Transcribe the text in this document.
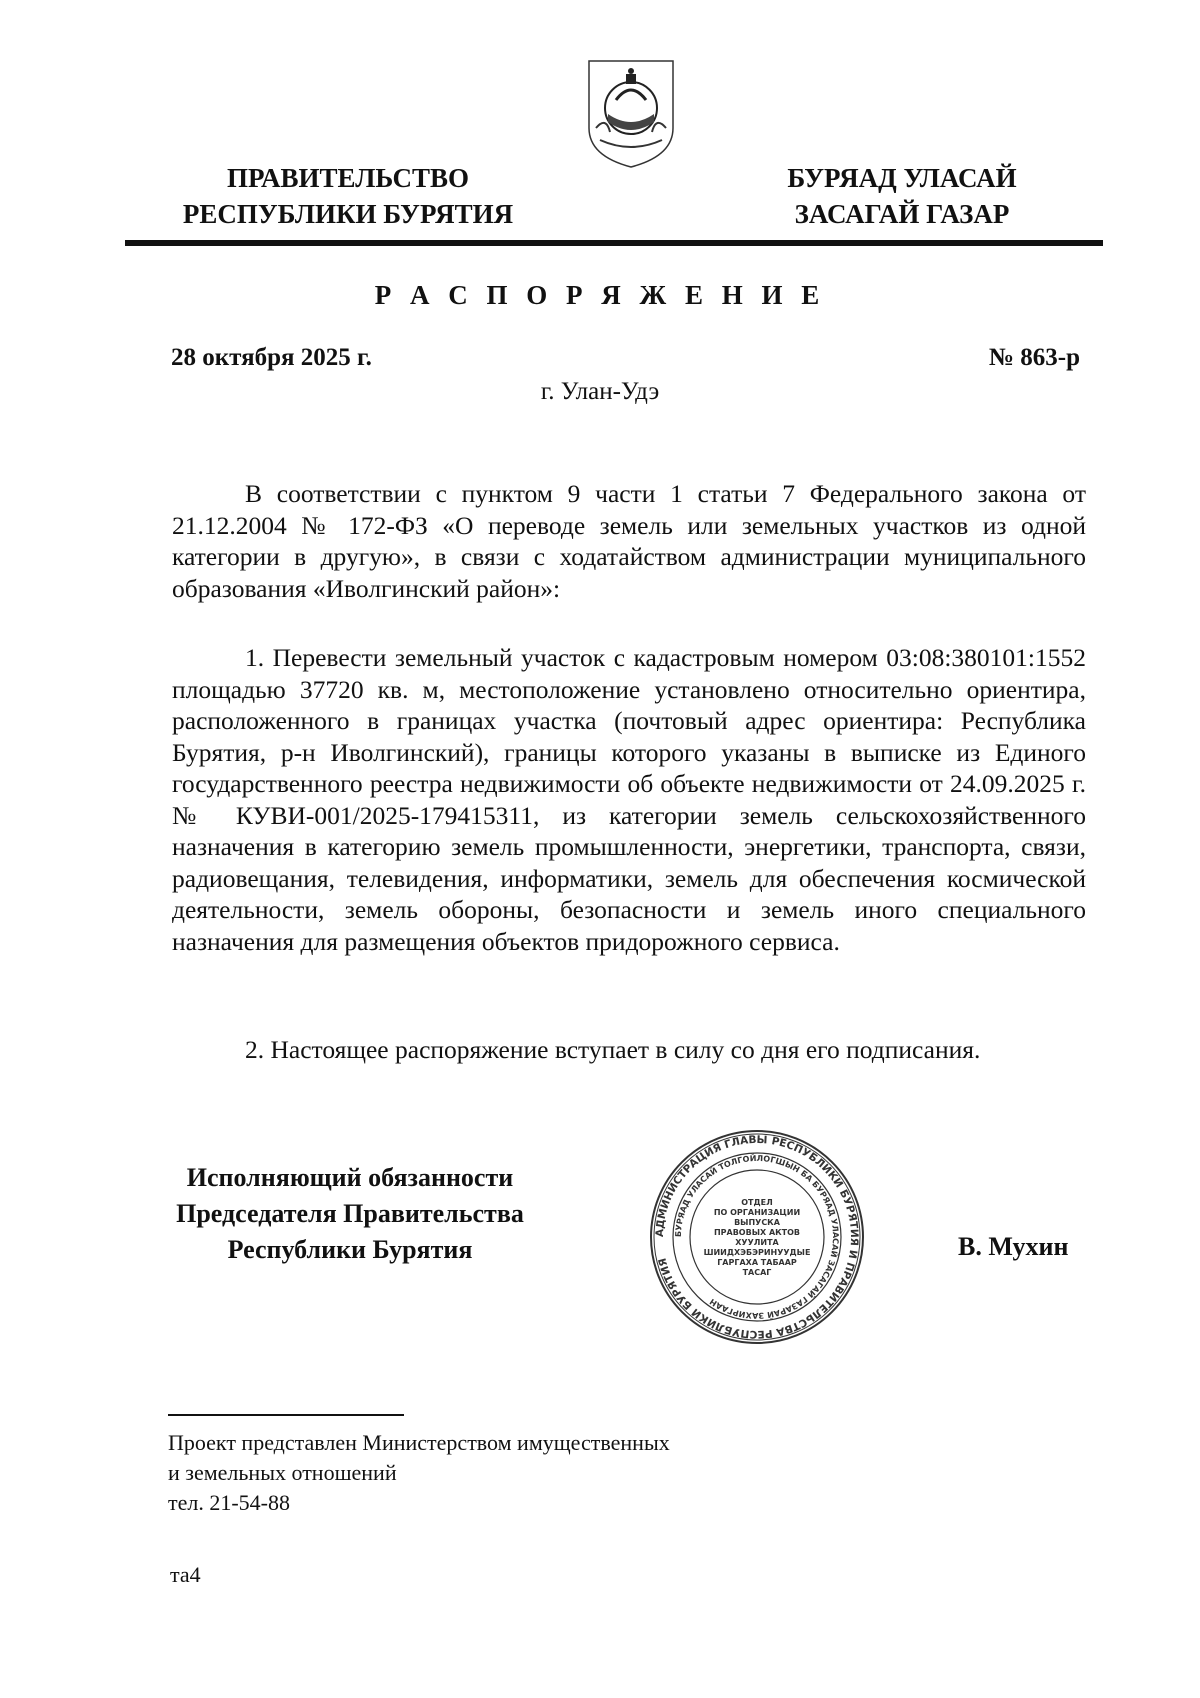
ПРАВИТЕЛЬСТВО
РЕСПУБЛИКИ БУРЯТИЯ
БУРЯАД УЛАСАЙ
ЗАСАГАЙ ГАЗАР
Р А С П О Р Я Ж Е Н И Е
28 октября 2025 г.	№ 863-р
г. Улан-Удэ

В соответствии с пунктом 9 части 1 статьи 7 Федерального закона от 21.12.2004 № 172-ФЗ «О переводе земель или земельных участков из одной категории в другую», в связи с ходатайством администрации муниципального образования «Иволгинский район»:

1. Перевести земельный участок с кадастровым номером 03:08:380101:1552 площадью 37720 кв. м, местоположение установлено относительно ориентира, расположенного в границах участка (почтовый адрес ориентира: Республика Бурятия, р-н Иволгинский), границы которого указаны в выписке из Единого государственного реестра недвижимости об объекте недвижимости от 24.09.2025 г. № КУВИ-001/2025-179415311, из категории земель сельскохозяйственного назначения в категорию земель промышленности, энергетики, транспорта, связи, радиовещания, телевидения, информатики, земель для обеспечения космической деятельности, земель обороны, безопасности и земель иного специального назначения для размещения объектов придорожного сервиса.

2. Настоящее распоряжение вступает в силу со дня его подписания.

Исполняющий обязанности
Председателя Правительства
Республики Бурятия	В. Мухин
АДМИНИСТРАЦИЯ ГЛАВЫ РЕСПУБЛИКИ БУРЯТИЯ И ПРАВИТЕЛЬСТВА РЕСПУБЛИКИ БУРЯТИЯ
БУРЯАД УЛАСАЙ ТОЛГОЙЛОГШЫН БА БУРЯАД УЛАСАЙ ЗАСАГАЙ ГАЗАРАЙ ЗАХИРГААН
ОТДЕЛ
ПО ОРГАНИЗАЦИИ
ВЫПУСКА
ПРАВОВЫХ АКТОВ
ХУУЛИТА
ШИИДХЭБЭРИНУУДЫЕ
ГАРГАХА ТАБААР
ТАСАГ
Проект представлен Министерством имущественных
и земельных отношений
тел. 21-54-88
та4
